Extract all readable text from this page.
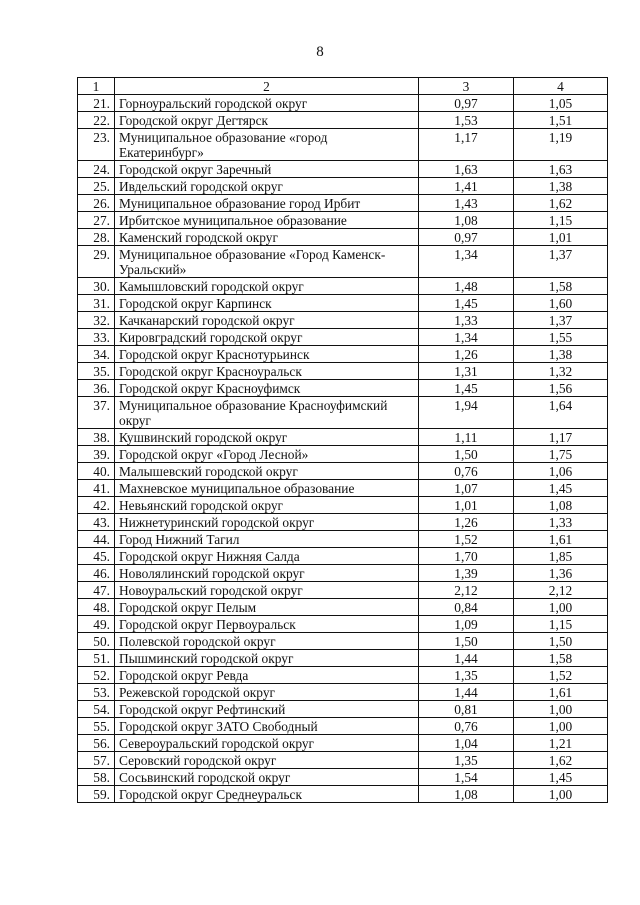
8
1	2	3	4
21.	Горноуральский городской округ	0,97	1,05
22.	Городской округ Дегтярск	1,53	1,51
23.	Муниципальное образование «город Екатеринбург»	1,17	1,19
24.	Городской округ Заречный	1,63	1,63
25.	Ивдельский городской округ	1,41	1,38
26.	Муниципальное образование город Ирбит	1,43	1,62
27.	Ирбитское муниципальное образование	1,08	1,15
28.	Каменский городской округ	0,97	1,01
29.	Муниципальное образование «Город Каменск-Уральский»	1,34	1,37
30.	Камышловский городской округ	1,48	1,58
31.	Городской округ Карпинск	1,45	1,60
32.	Качканарский городской округ	1,33	1,37
33.	Кировградский городской округ	1,34	1,55
34.	Городской округ Краснотурьинск	1,26	1,38
35.	Городской округ Красноуральск	1,31	1,32
36.	Городской округ Красноуфимск	1,45	1,56
37.	Муниципальное образование Красноуфимский округ	1,94	1,64
38.	Кушвинский городской округ	1,11	1,17
39.	Городской округ «Город Лесной»	1,50	1,75
40.	Малышевский городской округ	0,76	1,06
41.	Махневское муниципальное образование	1,07	1,45
42.	Невьянский городской округ	1,01	1,08
43.	Нижнетуринский городской округ	1,26	1,33
44.	Город Нижний Тагил	1,52	1,61
45.	Городской округ Нижняя Салда	1,70	1,85
46.	Новолялинский городской округ	1,39	1,36
47.	Новоуральский городской округ	2,12	2,12
48.	Городской округ Пелым	0,84	1,00
49.	Городской округ Первоуральск	1,09	1,15
50.	Полевской городской округ	1,50	1,50
51.	Пышминский городской округ	1,44	1,58
52.	Городской округ Ревда	1,35	1,52
53.	Режевской городской округ	1,44	1,61
54.	Городской округ Рефтинский	0,81	1,00
55.	Городской округ ЗАТО Свободный	0,76	1,00
56.	Североуральский городской округ	1,04	1,21
57.	Серовский городской округ	1,35	1,62
58.	Сосьвинский городской округ	1,54	1,45
59.	Городской округ Среднеуральск	1,08	1,00
